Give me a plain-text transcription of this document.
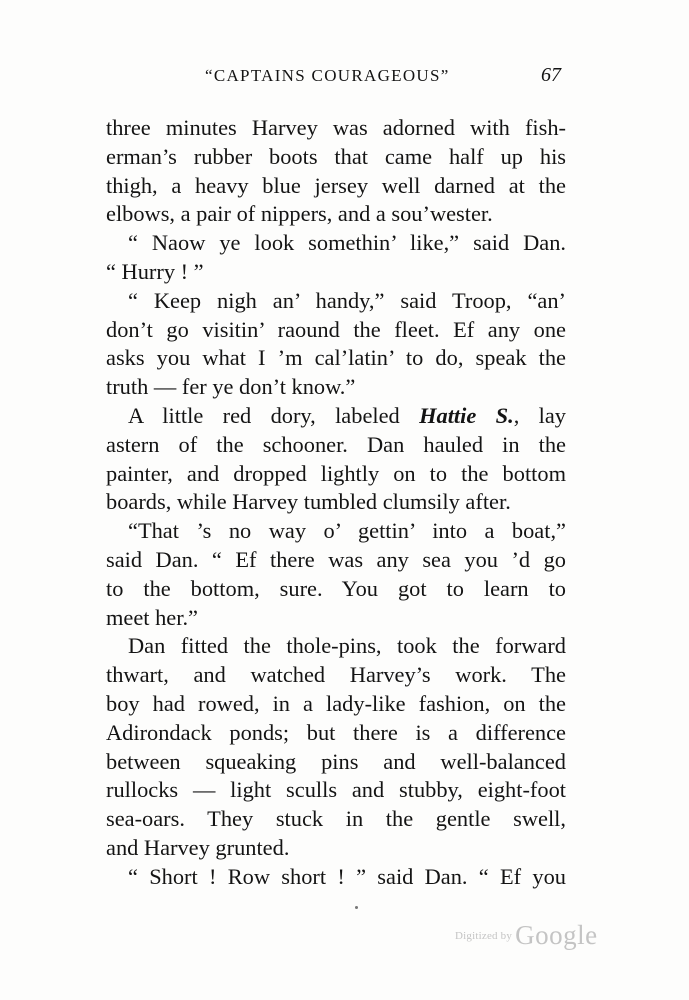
“CAPTAINS COURAGEOUS”	67
three minutes Harvey was adorned with fish-
erman’s rubber boots that came half up his
thigh, a heavy blue jersey well darned at the
elbows, a pair of nippers, and a sou’wester.
“ Naow ye look somethin’ like,” said Dan.
“ Hurry ! ”
“ Keep nigh an’ handy,” said Troop, “an’
don’t go visitin’ raound the fleet. Ef any one
asks you what I ’m cal’latin’ to do, speak the
truth — fer ye don’t know.”
A little red dory, labeled Hattie S., lay
astern of the schooner. Dan hauled in the
painter, and dropped lightly on to the bottom
boards, while Harvey tumbled clumsily after.
“That ’s no way o’ gettin’ into a boat,”
said Dan. “ Ef there was any sea you ’d go
to the bottom, sure. You got to learn to
meet her.”
Dan fitted the thole-pins, took the forward
thwart, and watched Harvey’s work. The
boy had rowed, in a lady-like fashion, on the
Adirondack ponds; but there is a difference
between squeaking pins and well-balanced
rullocks — light sculls and stubby, eight-foot
sea-oars. They stuck in the gentle swell,
and Harvey grunted.
“ Short ! Row short ! ” said Dan. “ Ef you
Digitized by Google
